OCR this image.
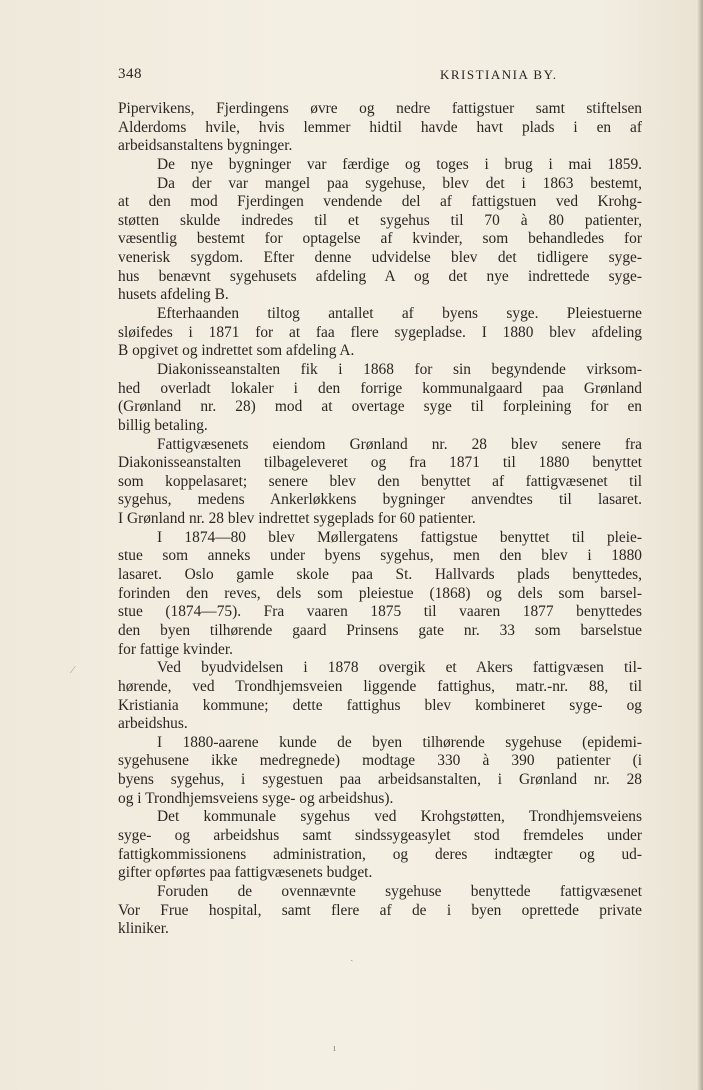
348	KRISTIANIA BY.
Pipervikens, Fjerdingens øvre og nedre fattigstuer samt stiftelsen
Alderdoms hvile, hvis lemmer hidtil havde havt plads i en af
arbeidsanstaltens bygninger.
De nye bygninger var færdige og toges i brug i mai 1859.
Da der var mangel paa sygehuse, blev det i 1863 bestemt,
at den mod Fjerdingen vendende del af fattigstuen ved Krohg-
støtten skulde indredes til et sygehus til 70 à 80 patienter,
væsentlig bestemt for optagelse af kvinder, som behandledes for
venerisk sygdom. Efter denne udvidelse blev det tidligere syge-
hus benævnt sygehusets afdeling A og det nye indrettede syge-
husets afdeling B.
Efterhaanden tiltog antallet af byens syge. Pleiestuerne
sløifedes i 1871 for at faa flere sygepladse. I 1880 blev afdeling
B opgivet og indrettet som afdeling A.
Diakonisseanstalten fik i 1868 for sin begyndende virksom-
hed overladt lokaler i den forrige kommunalgaard paa Grønland
(Grønland nr. 28) mod at overtage syge til forpleining for en
billig betaling.
Fattigvæsenets eiendom Grønland nr. 28 blev senere fra
Diakonisseanstalten tilbageleveret og fra 1871 til 1880 benyttet
som koppelasaret; senere blev den benyttet af fattigvæsenet til
sygehus, medens Ankerløkkens bygninger anvendtes til lasaret.
I Grønland nr. 28 blev indrettet sygeplads for 60 patienter.
I 1874—80 blev Møllergatens fattigstue benyttet til pleie-
stue som anneks under byens sygehus, men den blev i 1880
lasaret. Oslo gamle skole paa St. Hallvards plads benyttedes,
forinden den reves, dels som pleiestue (1868) og dels som barsel-
stue (1874—75). Fra vaaren 1875 til vaaren 1877 benyttedes
den byen tilhørende gaard Prinsens gate nr. 33 som barselstue
for fattige kvinder.
Ved byudvidelsen i 1878 overgik et Akers fattigvæsen til-
hørende, ved Trondhjemsveien liggende fattighus, matr.-nr. 88, til
Kristiania kommune; dette fattighus blev kombineret syge- og
arbeidshus.
I 1880-aarene kunde de byen tilhørende sygehuse (epidemi-
sygehusene ikke medregnede) modtage 330 à 390 patienter (i
byens sygehus, i sygestuen paa arbeidsanstalten, i Grønland nr. 28
og i Trondhjemsveiens syge- og arbeidshus).
Det kommunale sygehus ved Krohgstøtten, Trondhjemsveiens
syge- og arbeidshus samt sindssygeasylet stod fremdeles under
fattigkommissionens administration, og deres indtægter og ud-
gifter opførtes paa fattigvæsenets budget.
Foruden de ovennævnte sygehuse benyttede fattigvæsenet
Vor Frue hospital, samt flere af de i byen oprettede private
kliniker.
⁄
ˎ
ı
